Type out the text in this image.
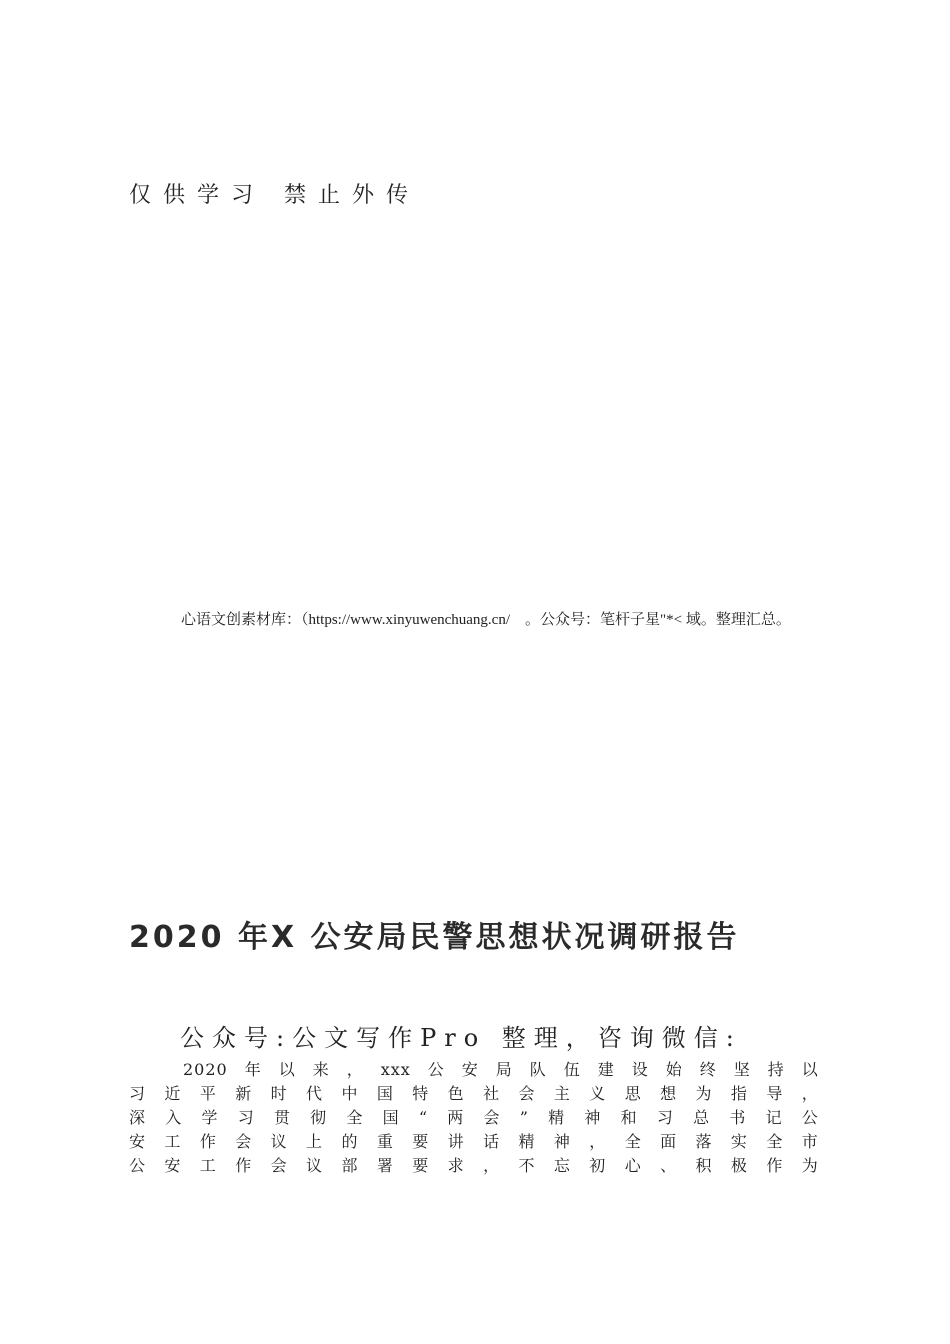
仅供学习 禁止外传
心语文创素材库：（https://www.xinyuwenchuang.cn/　。公众号：笔杆子星"*< 域。整理汇总。
2020 年X 公安局民警思想状况调研报告
公众号:公文写作Pro 整理，咨询微信:
2020 年 以 来 ， xxx 公 安 局 队 伍 建 设 始 终 坚 持 以
习 近 平 新 时 代 中 国 特 色 社 会 主 义 思 想 为 指 导 ，
深 入 学 习 贯 彻 全 国 “ 两 会 ” 精 神 和 习 总 书 记 公
安 工 作 会 议 上 的 重 要 讲 话 精 神 ， 全 面 落 实 全 市
公 安 工 作 会 议 部 署 要 求 ， 不 忘 初 心 、 积 极 作 为
